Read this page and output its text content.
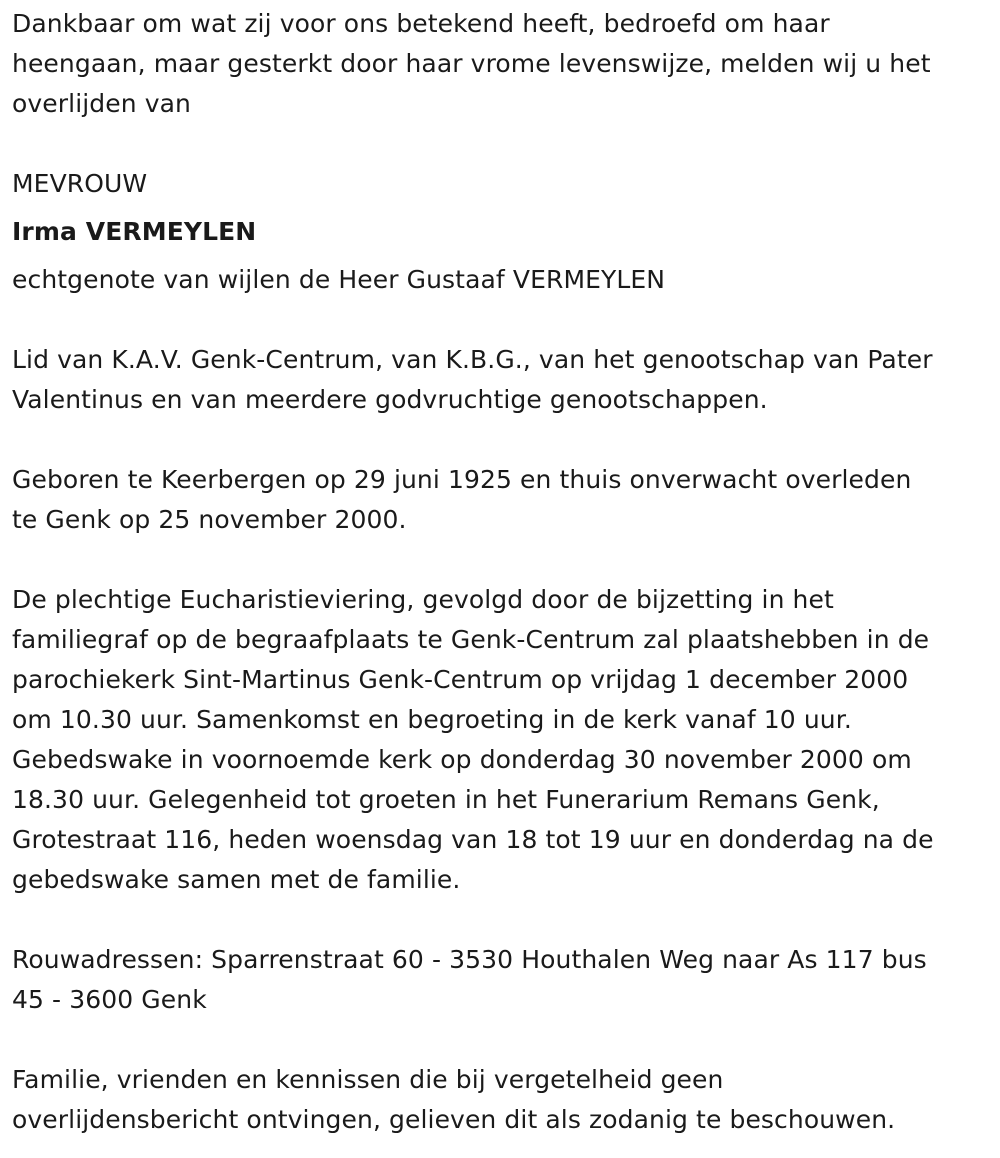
Dankbaar om wat zij voor ons betekend heeft, bedroefd om haar
heengaan, maar gesterkt door haar vrome levenswijze, melden wij u het
overlijden van

MEVROUW

Irma VERMEYLEN

echtgenote van wijlen de Heer Gustaaf VERMEYLEN

Lid van K.A.V. Genk-Centrum, van K.B.G., van het genootschap van Pater
Valentinus en van meerdere godvruchtige genootschappen.

Geboren te Keerbergen op 29 juni 1925 en thuis onverwacht overleden
te Genk op 25 november 2000.

De plechtige Eucharistieviering, gevolgd door de bijzetting in het
familiegraf op de begraafplaats te Genk-Centrum zal plaatshebben in de
parochiekerk Sint-Martinus Genk-Centrum op vrijdag 1 december 2000
om 10.30 uur. Samenkomst en begroeting in de kerk vanaf 10 uur.
Gebedswake in voornoemde kerk op donderdag 30 november 2000 om
18.30 uur. Gelegenheid tot groeten in het Funerarium Remans Genk,
Grotestraat 116, heden woensdag van 18 tot 19 uur en donderdag na de
gebedswake samen met de familie.

Rouwadressen: Sparrenstraat 60 - 3530 Houthalen Weg naar As 117 bus
45 - 3600 Genk

Familie, vrienden en kennissen die bij vergetelheid geen
overlijdensbericht ontvingen, gelieven dit als zodanig te beschouwen.
